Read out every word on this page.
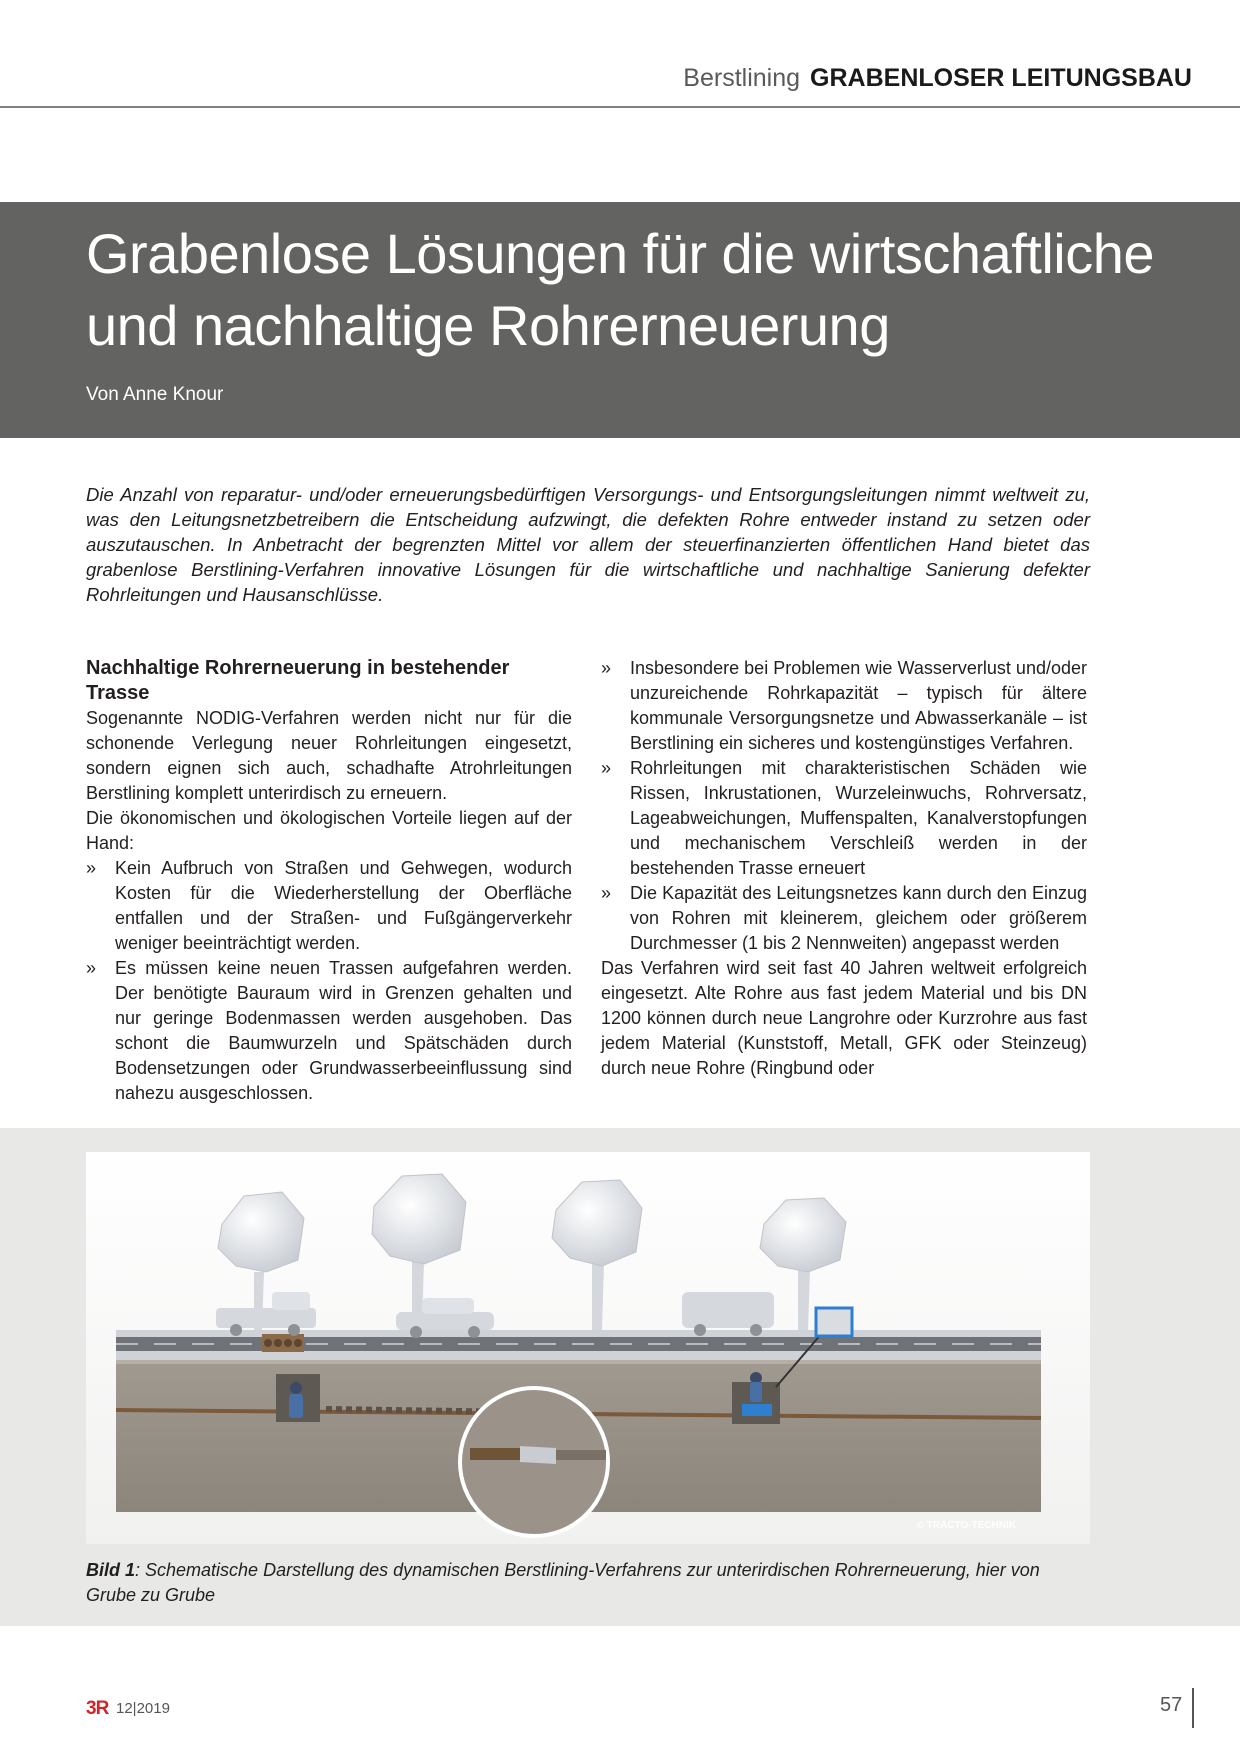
Berstlining GRABENLOSER LEITUNGSBAU
Grabenlose Lösungen für die wirtschaftliche
und nachhaltige Rohrerneuerung
Von Anne Knour

Die Anzahl von reparatur- und/oder erneuerungsbedürftigen Versorgungs- und Entsorgungsleitungen nimmt weltweit zu, was den Leitungsnetzbetreibern die Entscheidung aufzwingt, die defekten Rohre entweder instand zu setzen oder auszutauschen. In Anbetracht der begrenzten Mittel vor allem der steuerfinanzierten öffentlichen Hand bietet das grabenlose Berstlining-Verfahren innovative Lösungen für die wirtschaftliche und nachhaltige Sanierung defekter Rohrleitungen und Hausanschlüsse.

Nachhaltige Rohrerneuerung in bestehender Trasse

Sogenannte NODIG-Verfahren werden nicht nur für die schonende Verlegung neuer Rohrleitungen eingesetzt, sondern eignen sich auch, schadhafte Atrohrleitungen Berstlining komplett unterirdisch zu erneuern.

Die ökonomischen und ökologischen Vorteile liegen auf der Hand:

» Kein Aufbruch von Straßen und Gehwegen, wodurch Kosten für die Wiederherstellung der Oberfläche entfallen und der Straßen- und Fußgängerverkehr weniger beeinträchtigt werden.
» Es müssen keine neuen Trassen aufgefahren werden. Der benötigte Bauraum wird in Grenzen gehalten und nur geringe Bodenmassen werden ausgehoben. Das schont die Baumwurzeln und Spätschäden durch Bodensetzungen oder Grundwasserbeeinflussung sind nahezu ausgeschlossen.
» Insbesondere bei Problemen wie Wasserverlust und/oder unzureichende Rohrkapazität – typisch für ältere kommunale Versorgungsnetze und Abwasserkanäle – ist Berstlining ein sicheres und kostengünstiges Verfahren.
» Rohrleitungen mit charakteristischen Schäden wie Rissen, Inkrustationen, Wurzeleinwuchs, Rohrversatz, Lageabweichungen, Muffenspalten, Kanalverstopfungen und mechanischem Verschleiß werden in der bestehenden Trasse erneuert
» Die Kapazität des Leitungsnetzes kann durch den Einzug von Rohren mit kleinerem, gleichem oder größerem Durchmesser (1 bis 2 Nennweiten) angepasst werden

Das Verfahren wird seit fast 40 Jahren weltweit erfolgreich eingesetzt. Alte Rohre aus fast jedem Material und bis DN 1200 können durch neue Langrohre oder Kurzrohre aus fast jedem Material (Kunststoff, Metall, GFK oder Steinzeug) durch neue Rohre (Ringbund oder

© TRACTO-TECHNIK

Bild 1: Schematische Darstellung des dynamischen Berstlining-Verfahrens zur unterirdischen Rohrerneuerung, hier von Grube zu Grube

3R 12|2019	57
